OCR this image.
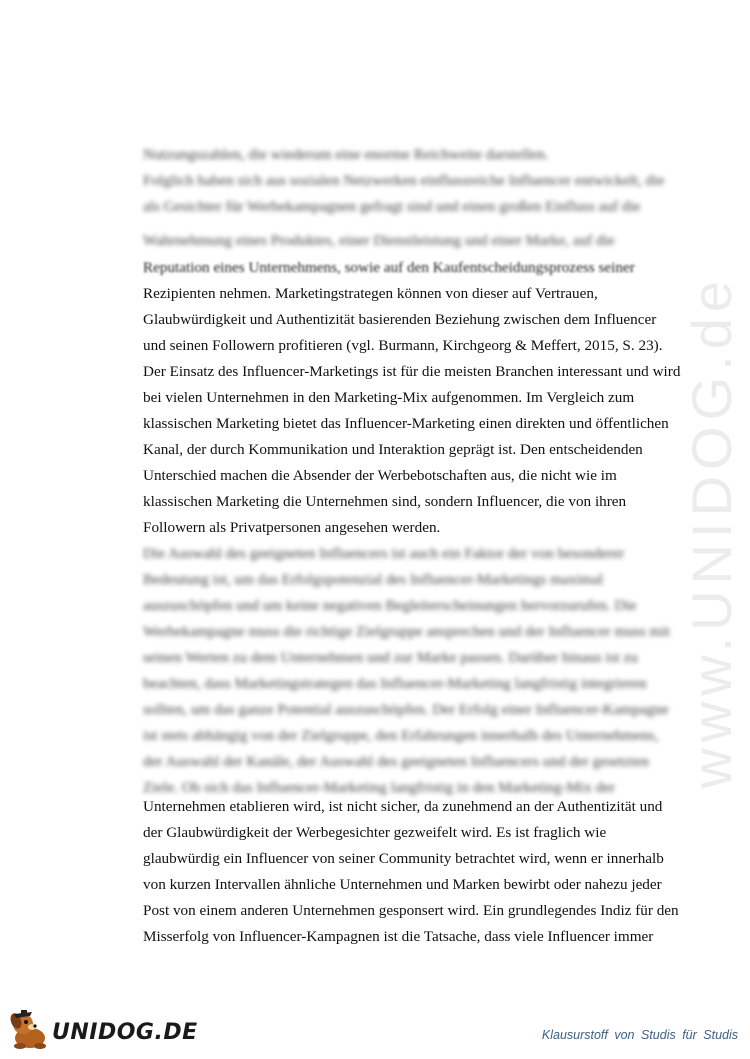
www.UNIDOG.de
Nutzungszahlen, die wiederum eine enorme Reichweite darstellen.
Folglich haben sich aus sozialen Netzwerken einflussreiche Influencer entwickelt, die
als Gesichter für Werbekampagnen gefragt sind und einen großen Einfluss auf die
Wahrnehmung eines Produktes, einer Dienstleistung und einer Marke, auf die
Reputation eines Unternehmens, sowie auf den Kaufentscheidungsprozess seiner
Rezipienten nehmen. Marketingstrategen können von dieser auf Vertrauen,
Glaubwürdigkeit und Authentizität basierenden Beziehung zwischen dem Influencer
und seinen Followern profitieren (vgl. Burmann, Kirchgeorg & Meffert, 2015, S. 23).
Der Einsatz des Influencer-Marketings ist für die meisten Branchen interessant und wird
bei vielen Unternehmen in den Marketing-Mix aufgenommen. Im Vergleich zum
klassischen Marketing bietet das Influencer-Marketing einen direkten und öffentlichen
Kanal, der durch Kommunikation und Interaktion geprägt ist. Den entscheidenden
Unterschied machen die Absender der Werbebotschaften aus, die nicht wie im
klassischen Marketing die Unternehmen sind, sondern Influencer, die von ihren
Followern als Privatpersonen angesehen werden.
Die Auswahl des geeigneten Influencers ist auch ein Faktor der von besonderer
Bedeutung ist, um das Erfolgspotenzial des Influencer-Marketings maximal
auszuschöpfen und um keine negativen Begleiterscheinungen hervorzurufen. Die
Werbekampagne muss die richtige Zielgruppe ansprechen und der Influencer muss mit
seinen Werten zu dem Unternehmen und zur Marke passen. Darüber hinaus ist zu
beachten, dass Marketingstrategen das Influencer-Marketing langfristig integrieren
sollten, um das ganze Potential auszuschöpfen. Der Erfolg einer Influencer-Kampagne
ist stets abhängig von der Zielgruppe, den Erfahrungen innerhalb des Unternehmens,
der Auswahl der Kanäle, der Auswahl des geeigneten Influencers und der gesetzten
Ziele. Ob sich das Influencer-Marketing langfristig in den Marketing-Mix der
Unternehmen etablieren wird, ist nicht sicher, da zunehmend an der Authentizität und
der Glaubwürdigkeit der Werbegesichter gezweifelt wird. Es ist fraglich wie
glaubwürdig ein Influencer von seiner Community betrachtet wird, wenn er innerhalb
von kurzen Intervallen ähnliche Unternehmen und Marken bewirbt oder nahezu jeder
Post von einem anderen Unternehmen gesponsert wird. Ein grundlegendes Indiz für den
Misserfolg von Influencer-Kampagnen ist die Tatsache, dass viele Influencer immer
UNIDOG.DE	Klausurstoff von Studis für Studis
